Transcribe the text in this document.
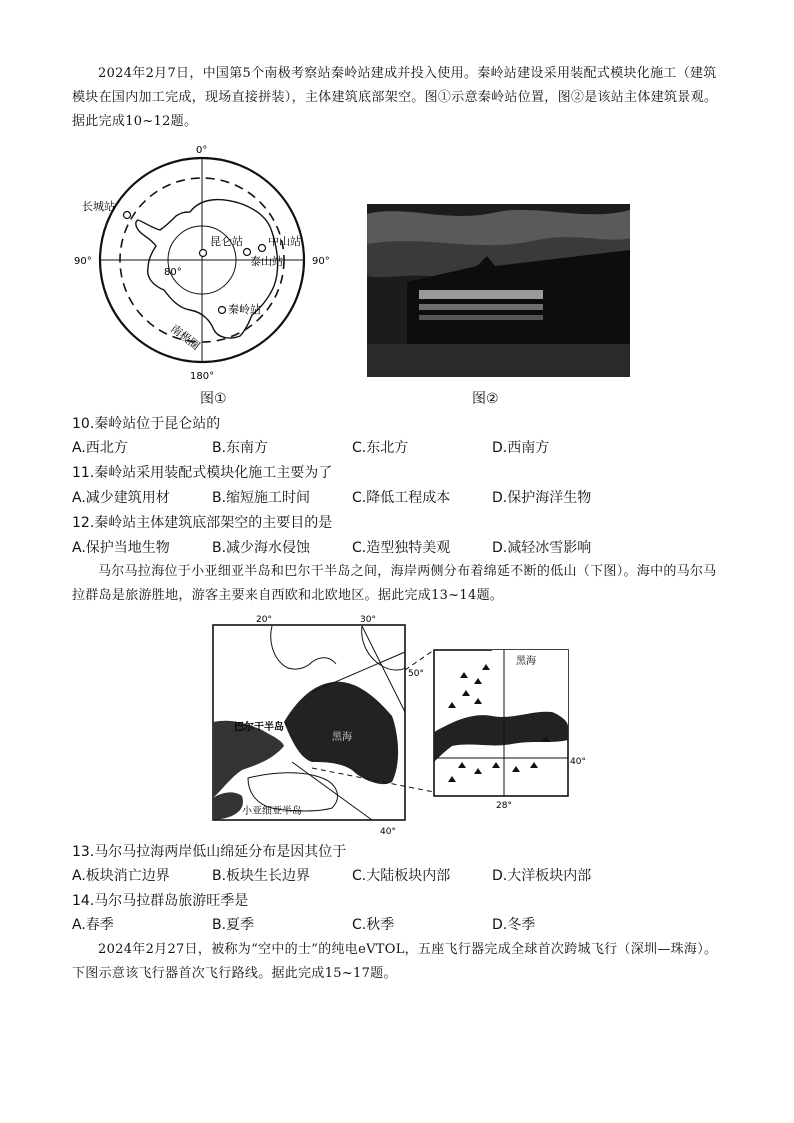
2024年2月7日，中国第5个南极考察站秦岭站建成并投入使用。秦岭站建设采用装配式模块化施工（建筑模块在国内加工完成，现场直接拼装），主体建筑底部架空。图①示意秦岭站位置，图②是该站主体建筑景观。据此完成10~12题。
0°
90°	90°
180°
80°
长城站
昆仑站 中山站
泰山站
秦岭站
南极圈
图①	图②
10.秦岭站位于昆仑站的
A.西北方	B.东南方	C.东北方	D.西南方
11.秦岭站采用装配式模块化施工主要为了
A.减少建筑用材	B.缩短施工时间	C.降低工程成本	D.保护海洋生物
12.秦岭站主体建筑底部架空的主要目的是
A.保护当地生物	B.减少海水侵蚀	C.造型独特美观	D.减轻冰雪影响
马尔马拉海位于小亚细亚半岛和巴尔干半岛之间，海岸两侧分布着绵延不断的低山（下图）。海中的马尔马拉群岛是旅游胜地，游客主要来自西欧和北欧地区。据此完成13~14题。
20°	30°
40°
50°
巴尔干半岛
小亚细亚半岛
黑海
黑海
40°
28°
13.马尔马拉海两岸低山绵延分布是因其位于
A.板块消亡边界	B.板块生长边界	C.大陆板块内部	D.大洋板块内部
14.马尔马拉群岛旅游旺季是
A.春季	B.夏季	C.秋季	D.冬季
2024年2月27日，被称为“空中的士”的纯电eVTOL，五座飞行器完成全球首次跨城飞行（深圳—珠海）。下图示意该飞行器首次飞行路线。据此完成15~17题。
